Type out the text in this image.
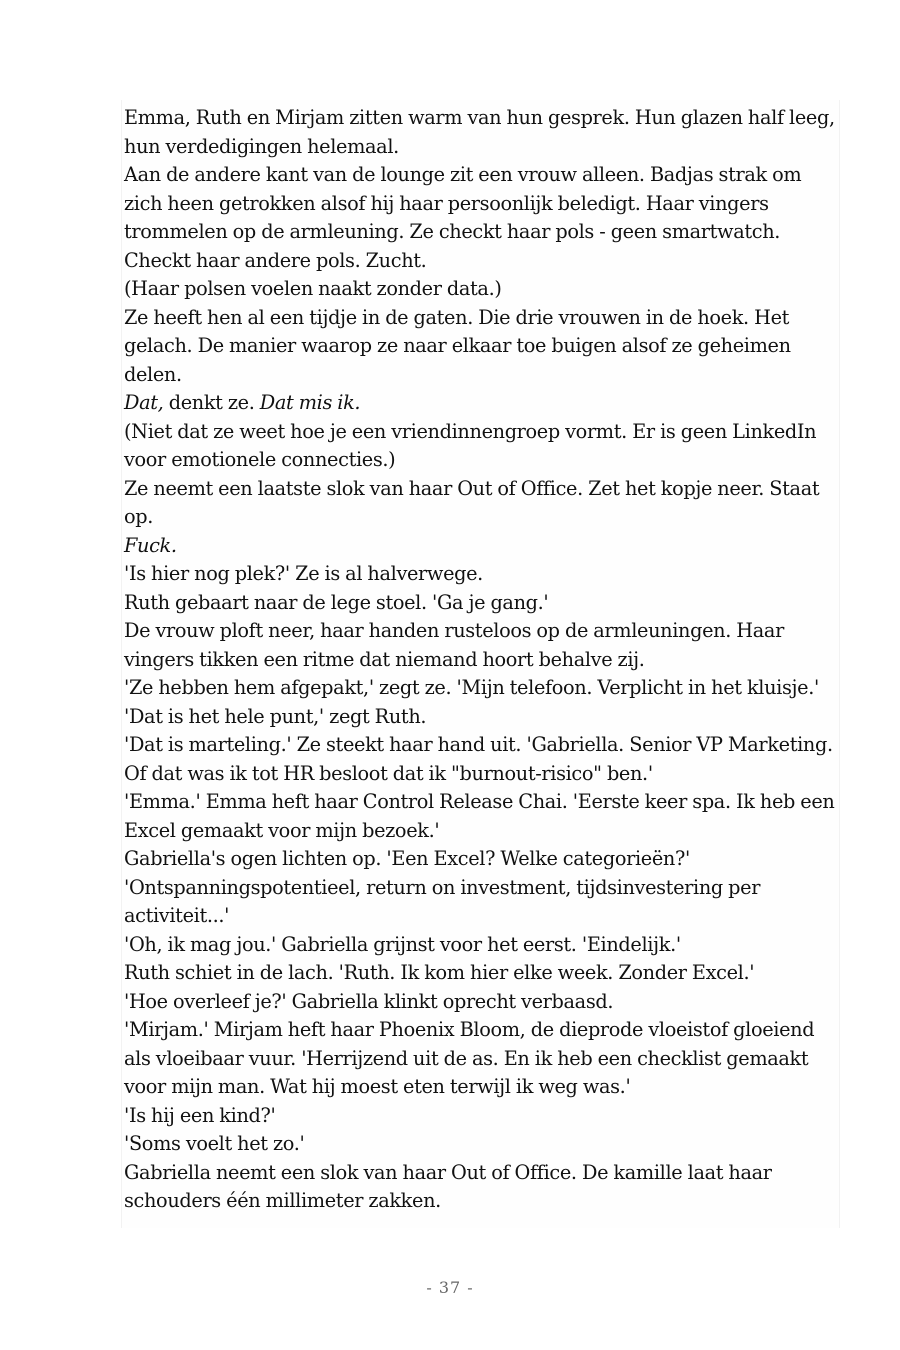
Emma, Ruth en Mirjam zitten warm van hun gesprek. Hun glazen half leeg, hun verdedigingen helemaal.

Aan de andere kant van de lounge zit een vrouw alleen. Badjas strak om zich heen getrokken alsof hij haar persoonlijk beledigt. Haar vingers trommelen op de armleuning. Ze checkt haar pols - geen smartwatch. Checkt haar andere pols. Zucht.

(Haar polsen voelen naakt zonder data.)

Ze heeft hen al een tijdje in de gaten. Die drie vrouwen in de hoek. Het gelach. De manier waarop ze naar elkaar toe buigen alsof ze geheimen delen.

Dat, denkt ze. Dat mis ik.

(Niet dat ze weet hoe je een vriendinnengroep vormt. Er is geen LinkedIn voor emotionele connecties.)

Ze neemt een laatste slok van haar Out of Office. Zet het kopje neer. Staat op.

Fuck.

'Is hier nog plek?' Ze is al halverwege.

Ruth gebaart naar de lege stoel. 'Ga je gang.'

De vrouw ploft neer, haar handen rusteloos op de armleuningen. Haar vingers tikken een ritme dat niemand hoort behalve zij.

'Ze hebben hem afgepakt,' zegt ze. 'Mijn telefoon. Verplicht in het kluisje.'

'Dat is het hele punt,' zegt Ruth.

'Dat is marteling.' Ze steekt haar hand uit. 'Gabriella. Senior VP Marketing. Of dat was ik tot HR besloot dat ik "burnout-risico" ben.'

'Emma.' Emma heft haar Control Release Chai. 'Eerste keer spa. Ik heb een Excel gemaakt voor mijn bezoek.'

Gabriella's ogen lichten op. 'Een Excel? Welke categorieën?'

'Ontspanningspotentieel, return on investment, tijdsinvestering per activiteit...'

'Oh, ik mag jou.' Gabriella grijnst voor het eerst. 'Eindelijk.'

Ruth schiet in de lach. 'Ruth. Ik kom hier elke week. Zonder Excel.'

'Hoe overleef je?' Gabriella klinkt oprecht verbaasd.

'Mirjam.' Mirjam heft haar Phoenix Bloom, de dieprode vloeistof gloeiend als vloeibaar vuur. 'Herrijzend uit de as. En ik heb een checklist gemaakt voor mijn man. Wat hij moest eten terwijl ik weg was.'

'Is hij een kind?'

'Soms voelt het zo.'

Gabriella neemt een slok van haar Out of Office. De kamille laat haar schouders één millimeter zakken.

- 37 -
